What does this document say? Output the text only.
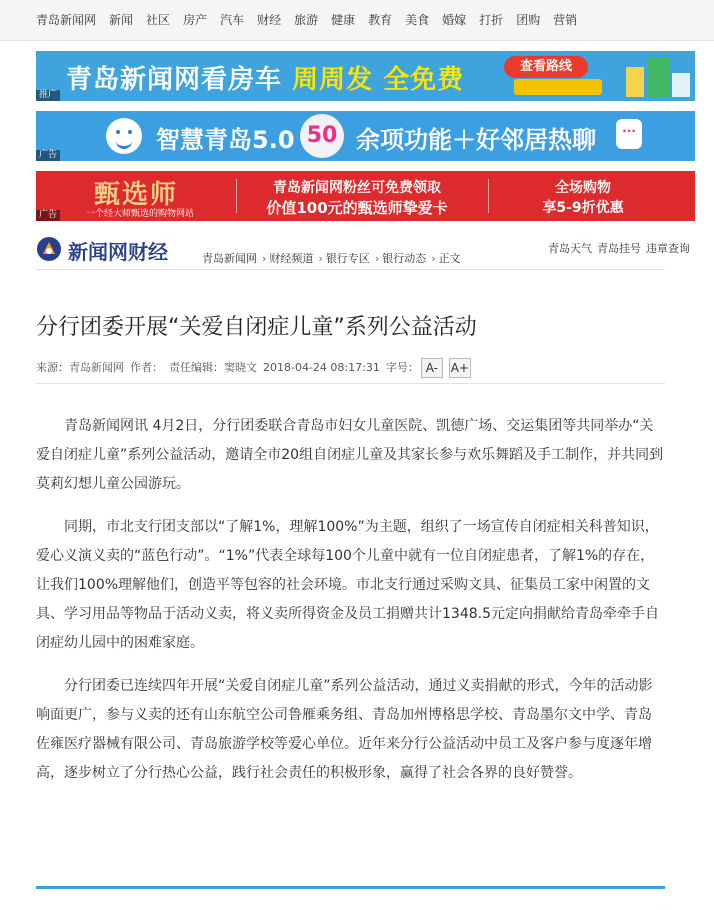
青岛新闻网 新闻 社区 房产 汽车 财经 旅游 健康 教育 美食 婚嫁 打折 团购 营销
青岛新闻网看房车 周周发 全免费	查看路线
推广
智慧青岛5.0 50 余项功能＋好邻居热聊
...
广告
甄选师
一个经大师甄选的购物网站
青岛新闻网粉丝可免费领取
价值100元的甄选师挚爱卡
全场购物
享5-9折优惠
广告
新闻网财经	青岛新闻网 › 财经频道 › 银行专区 › 银行动态 › 正文
青岛天气 青岛挂号 违章查询
分行团委开展“关爱自闭症儿童”系列公益活动
来源：青岛新闻网 作者： 责任编辑：窦晓文 2018-04-24 08:17:31 字号： A- A+

青岛新闻网讯 4月2日，分行团委联合青岛市妇女儿童医院、凯德广场、交运集团等共同举办“关爱自闭症儿童”系列公益活动，邀请全市20组自闭症儿童及其家长参与欢乐舞蹈及手工制作，并共同到莫莉幻想儿童公园游玩。

同期，市北支行团支部以“了解1%，理解100%”为主题，组织了一场宣传自闭症相关科普知识，爱心义演义卖的“蓝色行动”。“1%”代表全球每100个儿童中就有一位自闭症患者，了解1%的存在，让我们100%理解他们，创造平等包容的社会环境。市北支行通过采购文具、征集员工家中闲置的文具、学习用品等物品于活动义卖，将义卖所得资金及员工捐赠共计1348.5元定向捐献给青岛牵牵手自闭症幼儿园中的困难家庭。

分行团委已连续四年开展“关爱自闭症儿童”系列公益活动，通过义卖捐献的形式，今年的活动影响面更广，参与义卖的还有山东航空公司鲁雁乘务组、青岛加州博格思学校、青岛墨尔文中学、青岛佐雍医疗器械有限公司、青岛旅游学校等爱心单位。近年来分行公益活动中员工及客户参与度逐年增高，逐步树立了分行热心公益，践行社会责任的积极形象，赢得了社会各界的良好赞誉。
